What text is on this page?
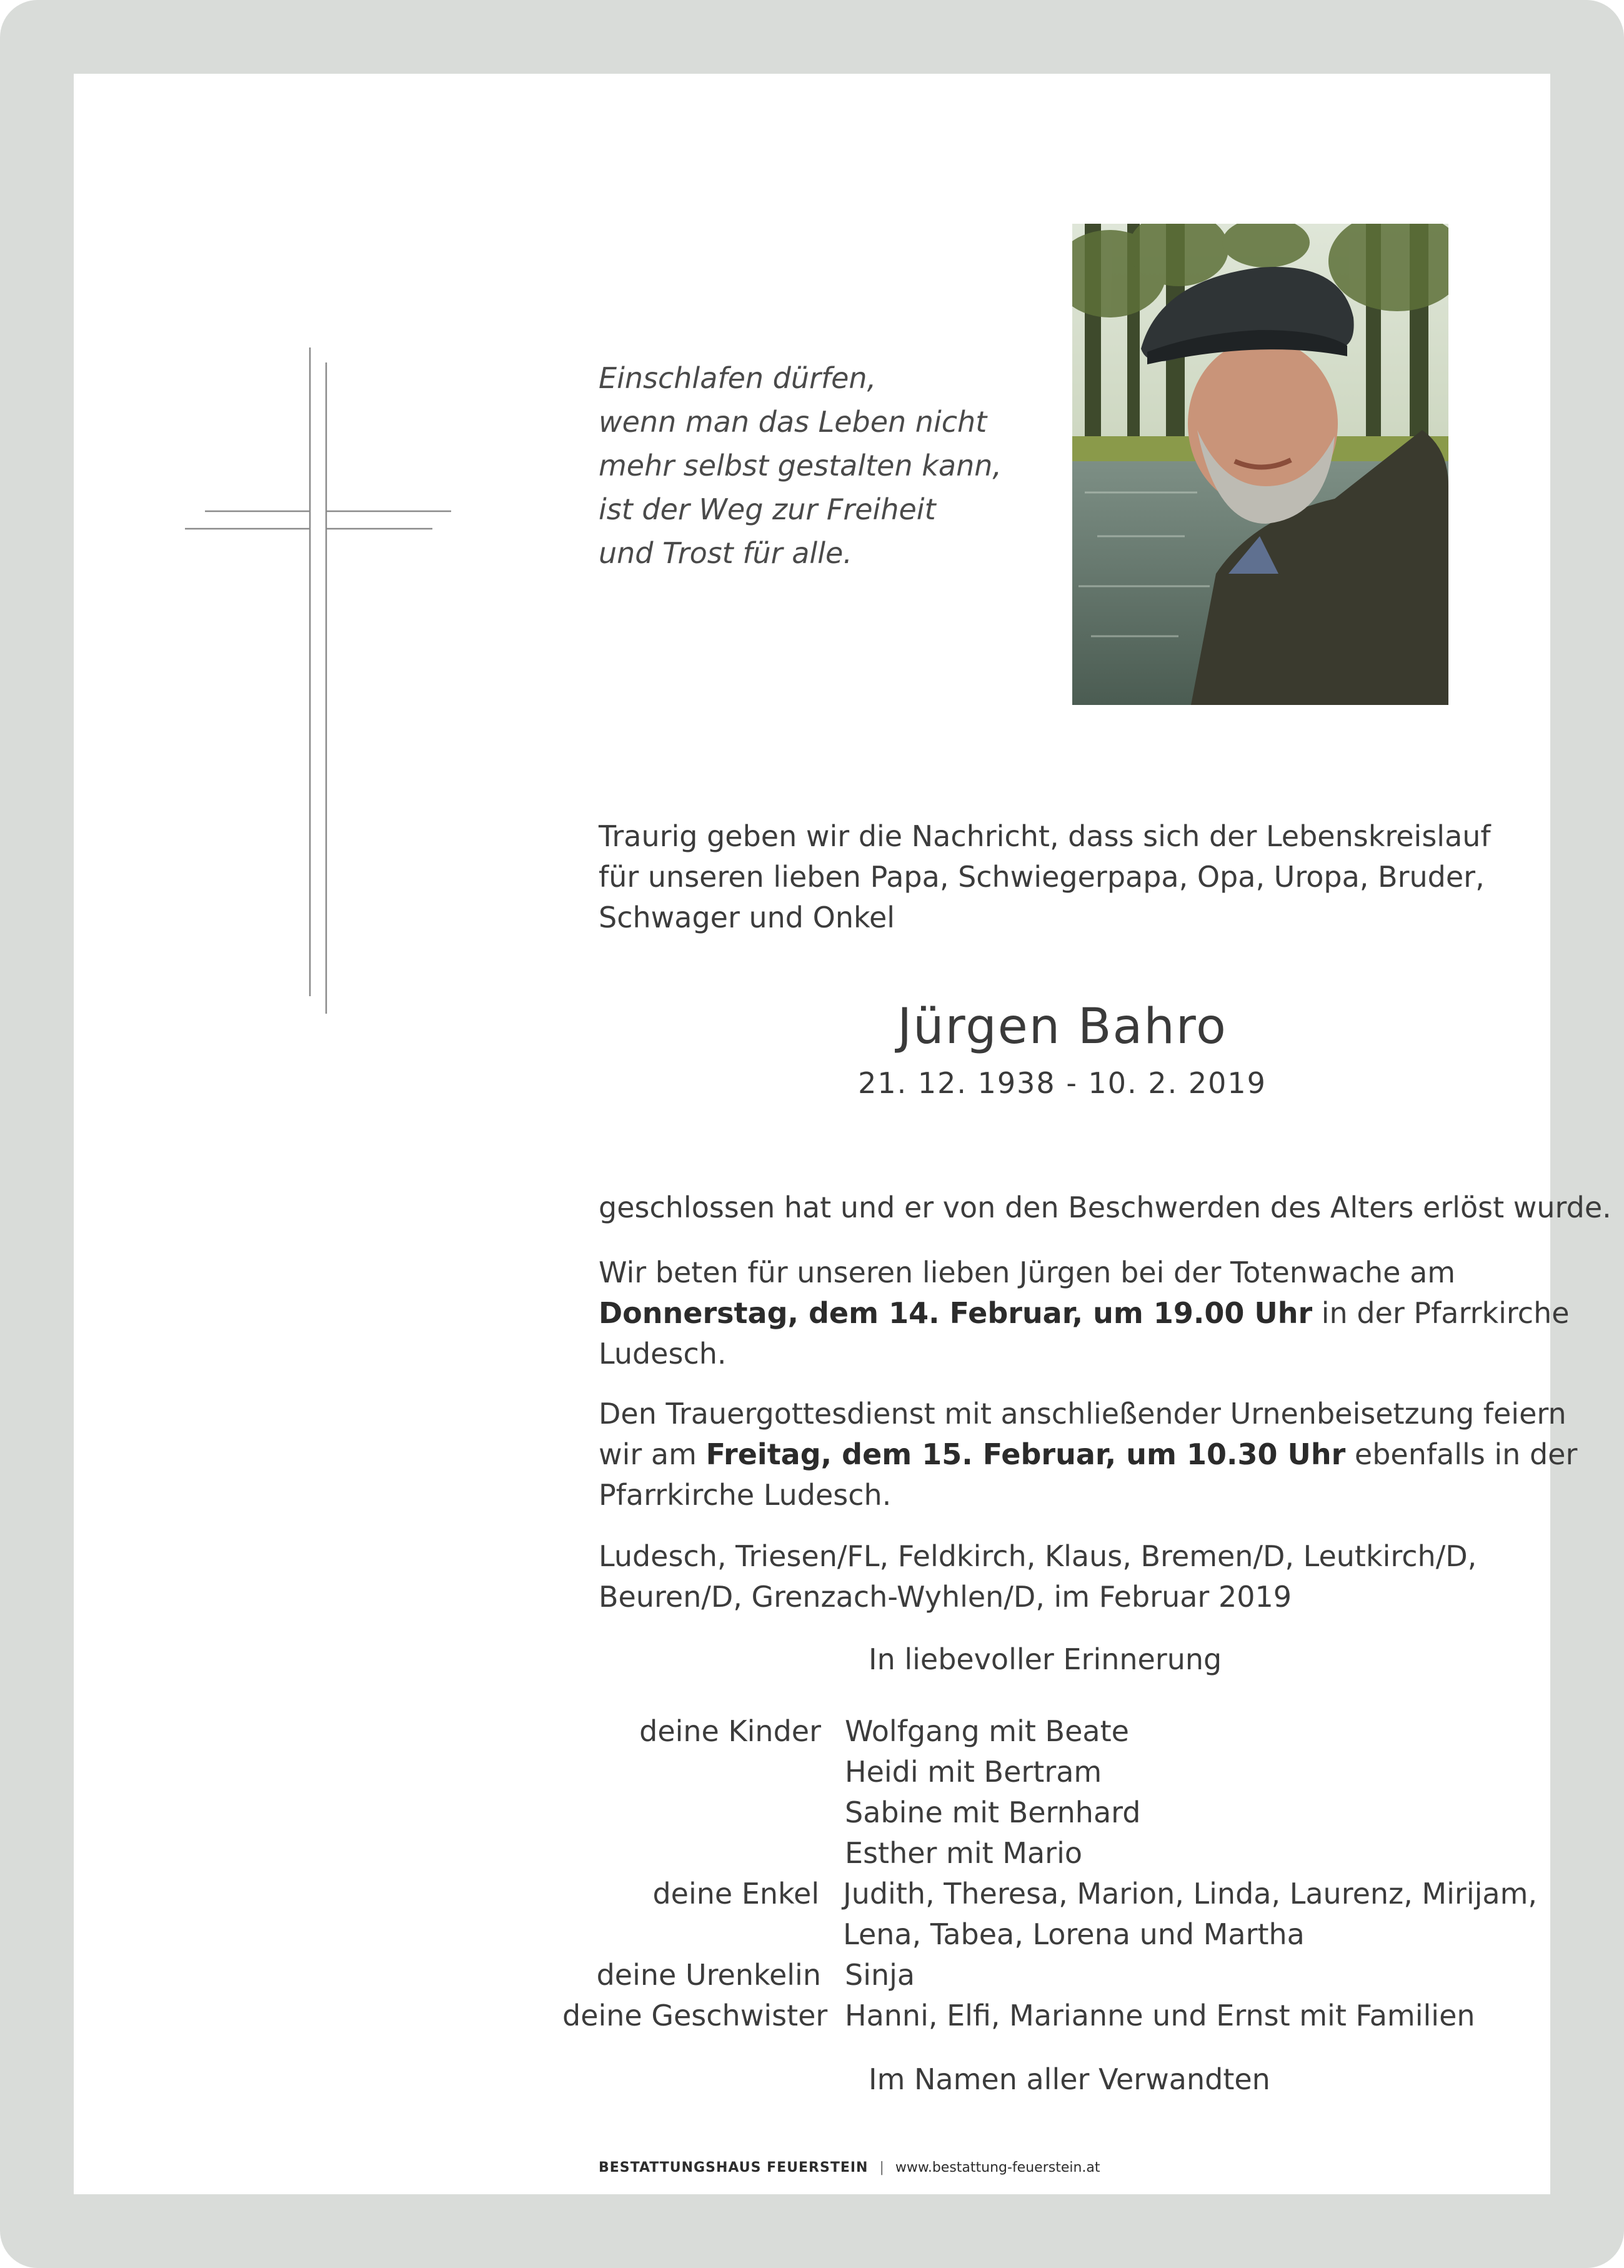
Einschlafen dürfen,
wenn man das Leben nicht
mehr selbst gestalten kann,
ist der Weg zur Freiheit
und Trost für alle.
Traurig geben wir die Nachricht, dass sich der Lebenskreislauf
für unseren lieben Papa, Schwiegerpapa, Opa, Uropa, Bruder,
Schwager und Onkel
Jürgen Bahro
21. 12. 1938 - 10. 2. 2019
geschlossen hat und er von den Beschwerden des Alters erlöst wurde.
Wir beten für unseren lieben Jürgen bei der Totenwache am
Donnerstag, dem 14. Februar, um 19.00 Uhr in der Pfarrkirche
Ludesch.
Den Trauergottesdienst mit anschließender Urnenbeisetzung feiern
wir am Freitag, dem 15. Februar, um 10.30 Uhr ebenfalls in der
Pfarrkirche Ludesch.
Ludesch, Triesen/FL, Feldkirch, Klaus, Bremen/D, Leutkirch/D,
Beuren/D, Grenzach-Wyhlen/D, im Februar 2019
In liebevoller Erinnerung
deine Kinder Wolfgang mit Beate
Heidi mit Bertram
Sabine mit Bernhard
Esther mit Mario
deine Enkel Judith, Theresa, Marion, Linda, Laurenz, Mirijam,
Lena, Tabea, Lorena und Martha
deine Urenkelin Sinja
deine Geschwister Hanni, Elfi, Marianne und Ernst mit Familien
Im Namen aller Verwandten
BESTATTUNGSHAUS FEUERSTEIN | www.bestattung-feuerstein.at
